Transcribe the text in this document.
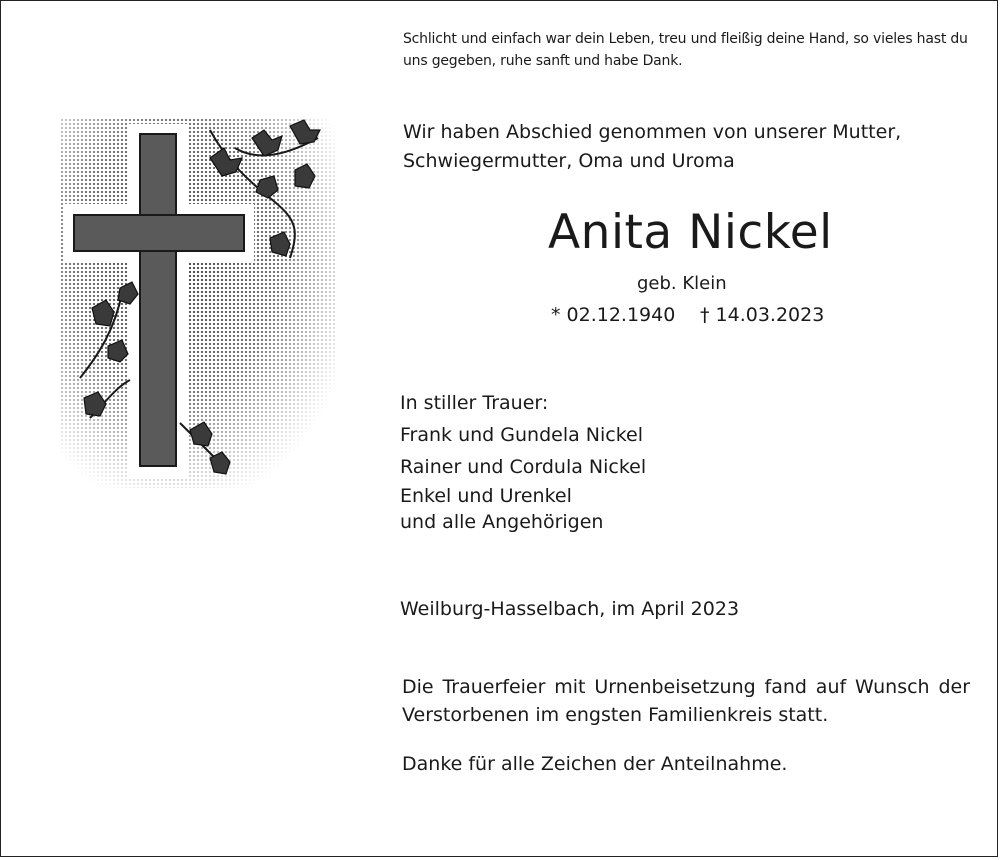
Schlicht und einfach war dein Leben, treu und fleißig deine Hand, so vieles hast du uns gegeben, ruhe sanft und habe Dank.
Wir haben Abschied genommen von unserer Mutter, Schwiegermutter, Oma und Uroma
Anita Nickel
geb. Klein
* 02.12.1940 † 14.03.2023
In stiller Trauer:
Frank und Gundela Nickel
Rainer und Cordula Nickel
Enkel und Urenkel
und alle Angehörigen
Weilburg-Hasselbach, im April 2023
Die Trauerfeier mit Urnenbeisetzung fand auf Wunsch der Verstorbenen im engsten Familienkreis statt.
Danke für alle Zeichen der Anteilnahme.
